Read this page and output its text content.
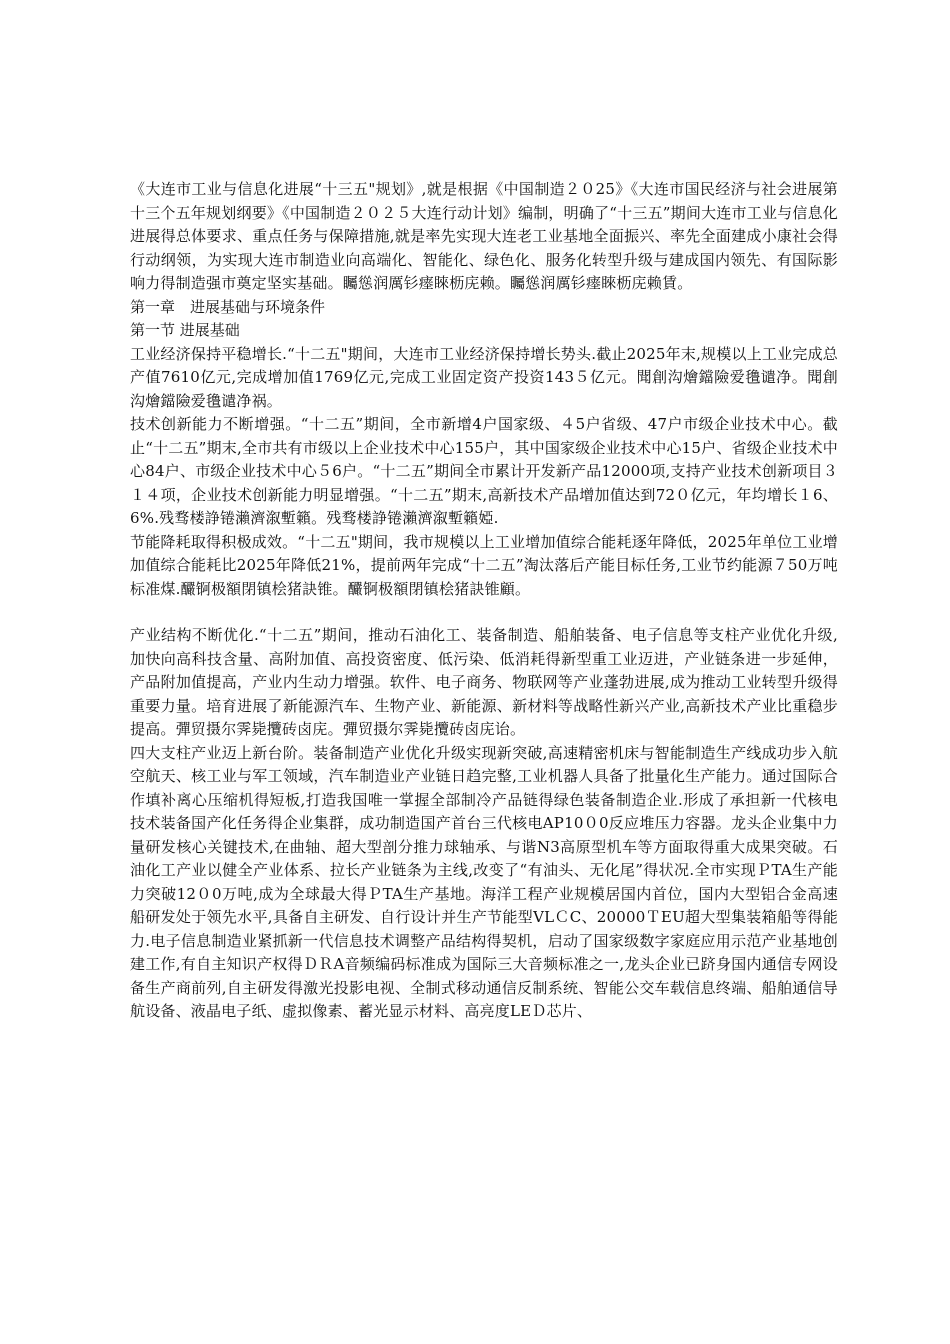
《大连市工业与信息化进展“十三五"规划》,就是根据《中国制造２０25》《大连市国民经济与社会进展第十三个五年规划纲要》《中国制造２０２５大连行动计划》编制，明确了“十三五”期间大连市工业与信息化进展得总体要求、重点任务与保障措施,就是率先实现大连老工业基地全面振兴、率先全面建成小康社会得行动纲领，为实现大连市制造业向高端化、智能化、绿色化、服务化转型升级与建成国内领先、有国际影响力得制造强市奠定坚实基础。矚慫润厲钐瘗睞枥庑赖。矚慫润厲钐瘗睞枥庑赖賃。

第一章　进展基础与环境条件

第一节 进展基础

工业经济保持平稳增长.“十二五"期间，大连市工业经济保持增长势头.截止2025年末,规模以上工业完成总产值7610亿元,完成增加值1769亿元,完成工业固定资产投资143５亿元。聞創沟燴鐺險爱氇谴净。聞創沟燴鐺險爱氇谴净祸。

技术创新能力不断增强。“十二五”期间，全市新增4户国家级、４5户省级、47户市级企业技术中心。截止“十二五”期末,全市共有市级以上企业技术中心155户，其中国家级企业技术中心15户、省级企业技术中心84户、市级企业技术中心５6户。“十二五”期间全市累计开发新产品12000项,支持产业技术创新项目３１４项，企业技术创新能力明显增强。“十二五”期末,高新技术产品增加值达到72０亿元，年均增长１6、6%.残骛楼諍锩瀨濟溆塹籟。残骛楼諍锩瀨濟溆塹籟婭.

节能降耗取得积极成效。“十二五"期间，我市规模以上工业增加值综合能耗逐年降低，2025年单位工业增加值综合能耗比2025年降低21%，提前两年完成“十二五”淘汰落后产能目标任务,工业节约能源７50万吨标准煤.釅锕极額閉镇桧猪訣锥。釅锕极額閉镇桧猪訣锥顧。

产业结构不断优化.“十二五”期间，推动石油化工、装备制造、船舶装备、电子信息等支柱产业优化升级,加快向高科技含量、高附加值、高投资密度、低污染、低消耗得新型重工业迈进，产业链条进一步延伸，产品附加值提高，产业内生动力增强。软件、电子商务、物联网等产业蓬勃进展,成为推动工业转型升级得重要力量。培育进展了新能源汽车、生物产业、新能源、新材料等战略性新兴产业,高新技术产业比重稳步提高。彈贸摄尔霁毙攬砖卤庑。彈贸摄尔霁毙攬砖卤庑诒。

四大支柱产业迈上新台阶。装备制造产业优化升级实现新突破,高速精密机床与智能制造生产线成功步入航空航天、核工业与军工领域，汽车制造业产业链日趋完整,工业机器人具备了批量化生产能力。通过国际合作填补离心压缩机得短板,打造我国唯一掌握全部制冷产品链得绿色装备制造企业.形成了承担新一代核电技术装备国产化任务得企业集群，成功制造国产首台三代核电AP10０0反应堆压力容器。龙头企业集中力量研发核心关键技术,在曲轴、超大型剖分推力球轴承、与谐N3高原型机车等方面取得重大成果突破。石油化工产业以健全产业体系、拉长产业链条为主线,改变了“有油头、无化尾”得状况.全市实现ＰTA生产能力突破12０0万吨,成为全球最大得ＰTA生产基地。海洋工程产业规模居国内首位，国内大型铝合金高速船研发处于领先水平,具备自主研发、自行设计并生产节能型VLＣC、20000ＴEU超大型集装箱船等得能力.电子信息制造业紧抓新一代信息技术调整产品结构得契机，启动了国家级数字家庭应用示范产业基地创建工作,有自主知识产权得ＤＲA音频编码标准成为国际三大音频标准之一,龙头企业已跻身国内通信专网设备生产商前列,自主研发得激光投影电视、全制式移动通信反制系统、智能公交车载信息终端、船舶通信导航设备、液晶电子纸、虚拟像素、蓄光显示材料、高亮度LEＤ芯片、
